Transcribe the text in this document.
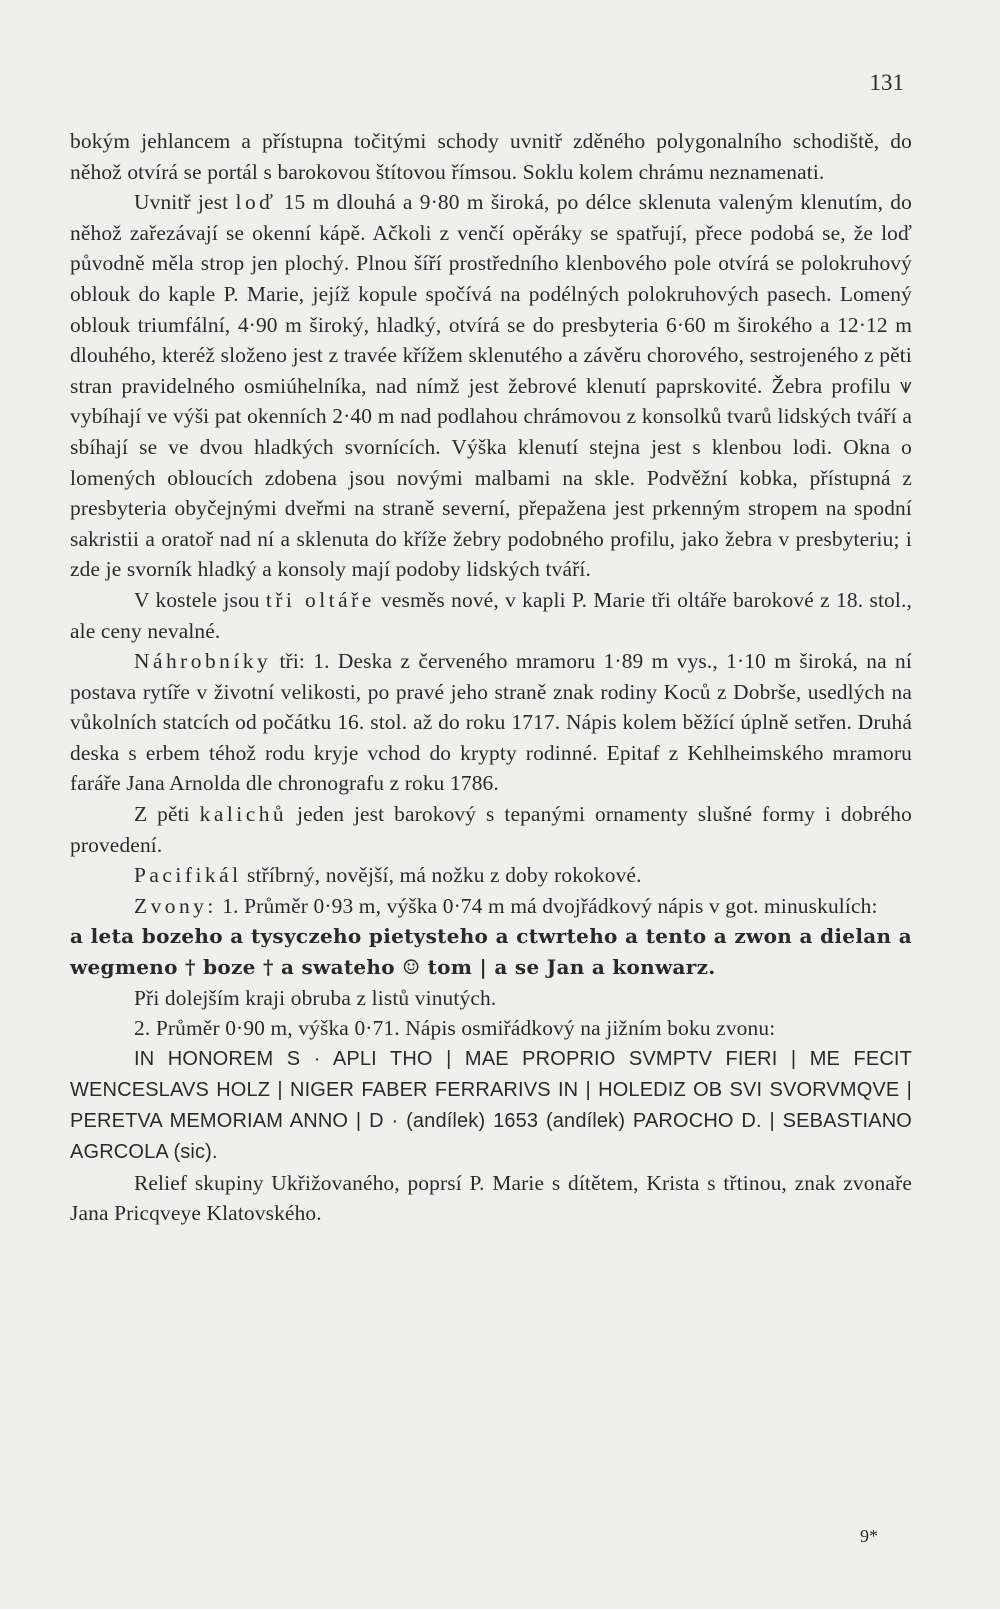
131

bokým jehlancem a přístupna točitými schody uvnitř zděného polygonalního schodiště, do něhož otvírá se portál s barokovou štítovou římsou. Soklu kolem chrámu neznamenati.

Uvnitř jest loď 15 m dlouhá a 9·80 m široká, po délce sklenuta valeným klenutím, do něhož zařezávají se okenní kápě. Ačkoli z venčí opěráky se spatřují, přece podobá se, že loď původně měla strop jen plochý. Plnou šíří prostředního klenbového pole otvírá se polokruhový oblouk do kaple P. Marie, jejíž kopule spočívá na podélných polokruhových pasech. Lomený oblouk triumfální, 4·90 m široký, hladký, otvírá se do presbyteria 6·60 m širokého a 12·12 m dlouhého, kteréž složeno jest z travée křížem sklenutého a závěru chorového, sestrojeného z pěti stran pravidelného osmiúhelníka, nad nímž jest žebrové klenutí paprskovité. Žebra profilu ⩛ vybíhají ve výši pat okenních 2·40 m nad podlahou chrámovou z konsolků tvarů lidských tváří a sbíhají se ve dvou hladkých svornících. Výška klenutí stejna jest s klenbou lodi. Okna o lomených obloucích zdobena jsou novými malbami na skle. Podvěžní kobka, přístupná z presbyteria obyčejnými dveřmi na straně severní, přepažena jest prkenným stropem na spodní sakristii a oratoř nad ní a sklenuta do kříže žebry podobného profilu, jako žebra v presbyteriu; i zde je svorník hladký a konsoly mají podoby lidských tváří.

V kostele jsou tři oltáře vesměs nové, v kapli P. Marie tři oltáře barokové z 18. stol., ale ceny nevalné.

Náhrobníky tři: 1. Deska z červeného mramoru 1·89 m vys., 1·10 m široká, na ní postava rytíře v životní velikosti, po pravé jeho straně znak rodiny Koců z Dobrše, usedlých na vůkolních statcích od počátku 16. stol. až do roku 1717. Nápis kolem běžící úplně setřen. Druhá deska s erbem téhož rodu kryje vchod do krypty rodinné. Epitaf z Kehlheimského mramoru faráře Jana Arnolda dle chronografu z roku 1786.

Z pěti kalichů jeden jest barokový s tepanými ornamenty slušné formy i dobrého provedení.

Pacifikál stříbrný, novější, má nožku z doby rokokové.

Zvony: 1. Průměr 0·93 m, výška 0·74 m má dvojřádkový nápis v got. minuskulích:

a leta bozeho a tysyczeho pietysteho a ctwrteho a tento a zwon a dielan a wegmeno † boze † a swateho ☺ tom | a se Jan a konwarz.

Při dolejším kraji obruba z listů vinutých.

2. Průměr 0·90 m, výška 0·71. Nápis osmiřádkový na jižním boku zvonu:

IN HONOREM S · APLI THO | MAE PROPRIO SVMPTV FIERI | ME FECIT WENCESLAVS HOLZ | NIGER FABER FERRARIVS IN | HOLEDIZ OB SVI SVORVMQVE | PERETVA MEMORIAM ANNO | D · (andílek) 1653 (andílek) PAROCHO D. | SEBASTIANO AGRCOLA (sic).

Relief skupiny Ukřižovaného, poprsí P. Marie s dítětem, Krista s třtinou, znak zvonaře Jana Pricqveye Klatovského.

9*
